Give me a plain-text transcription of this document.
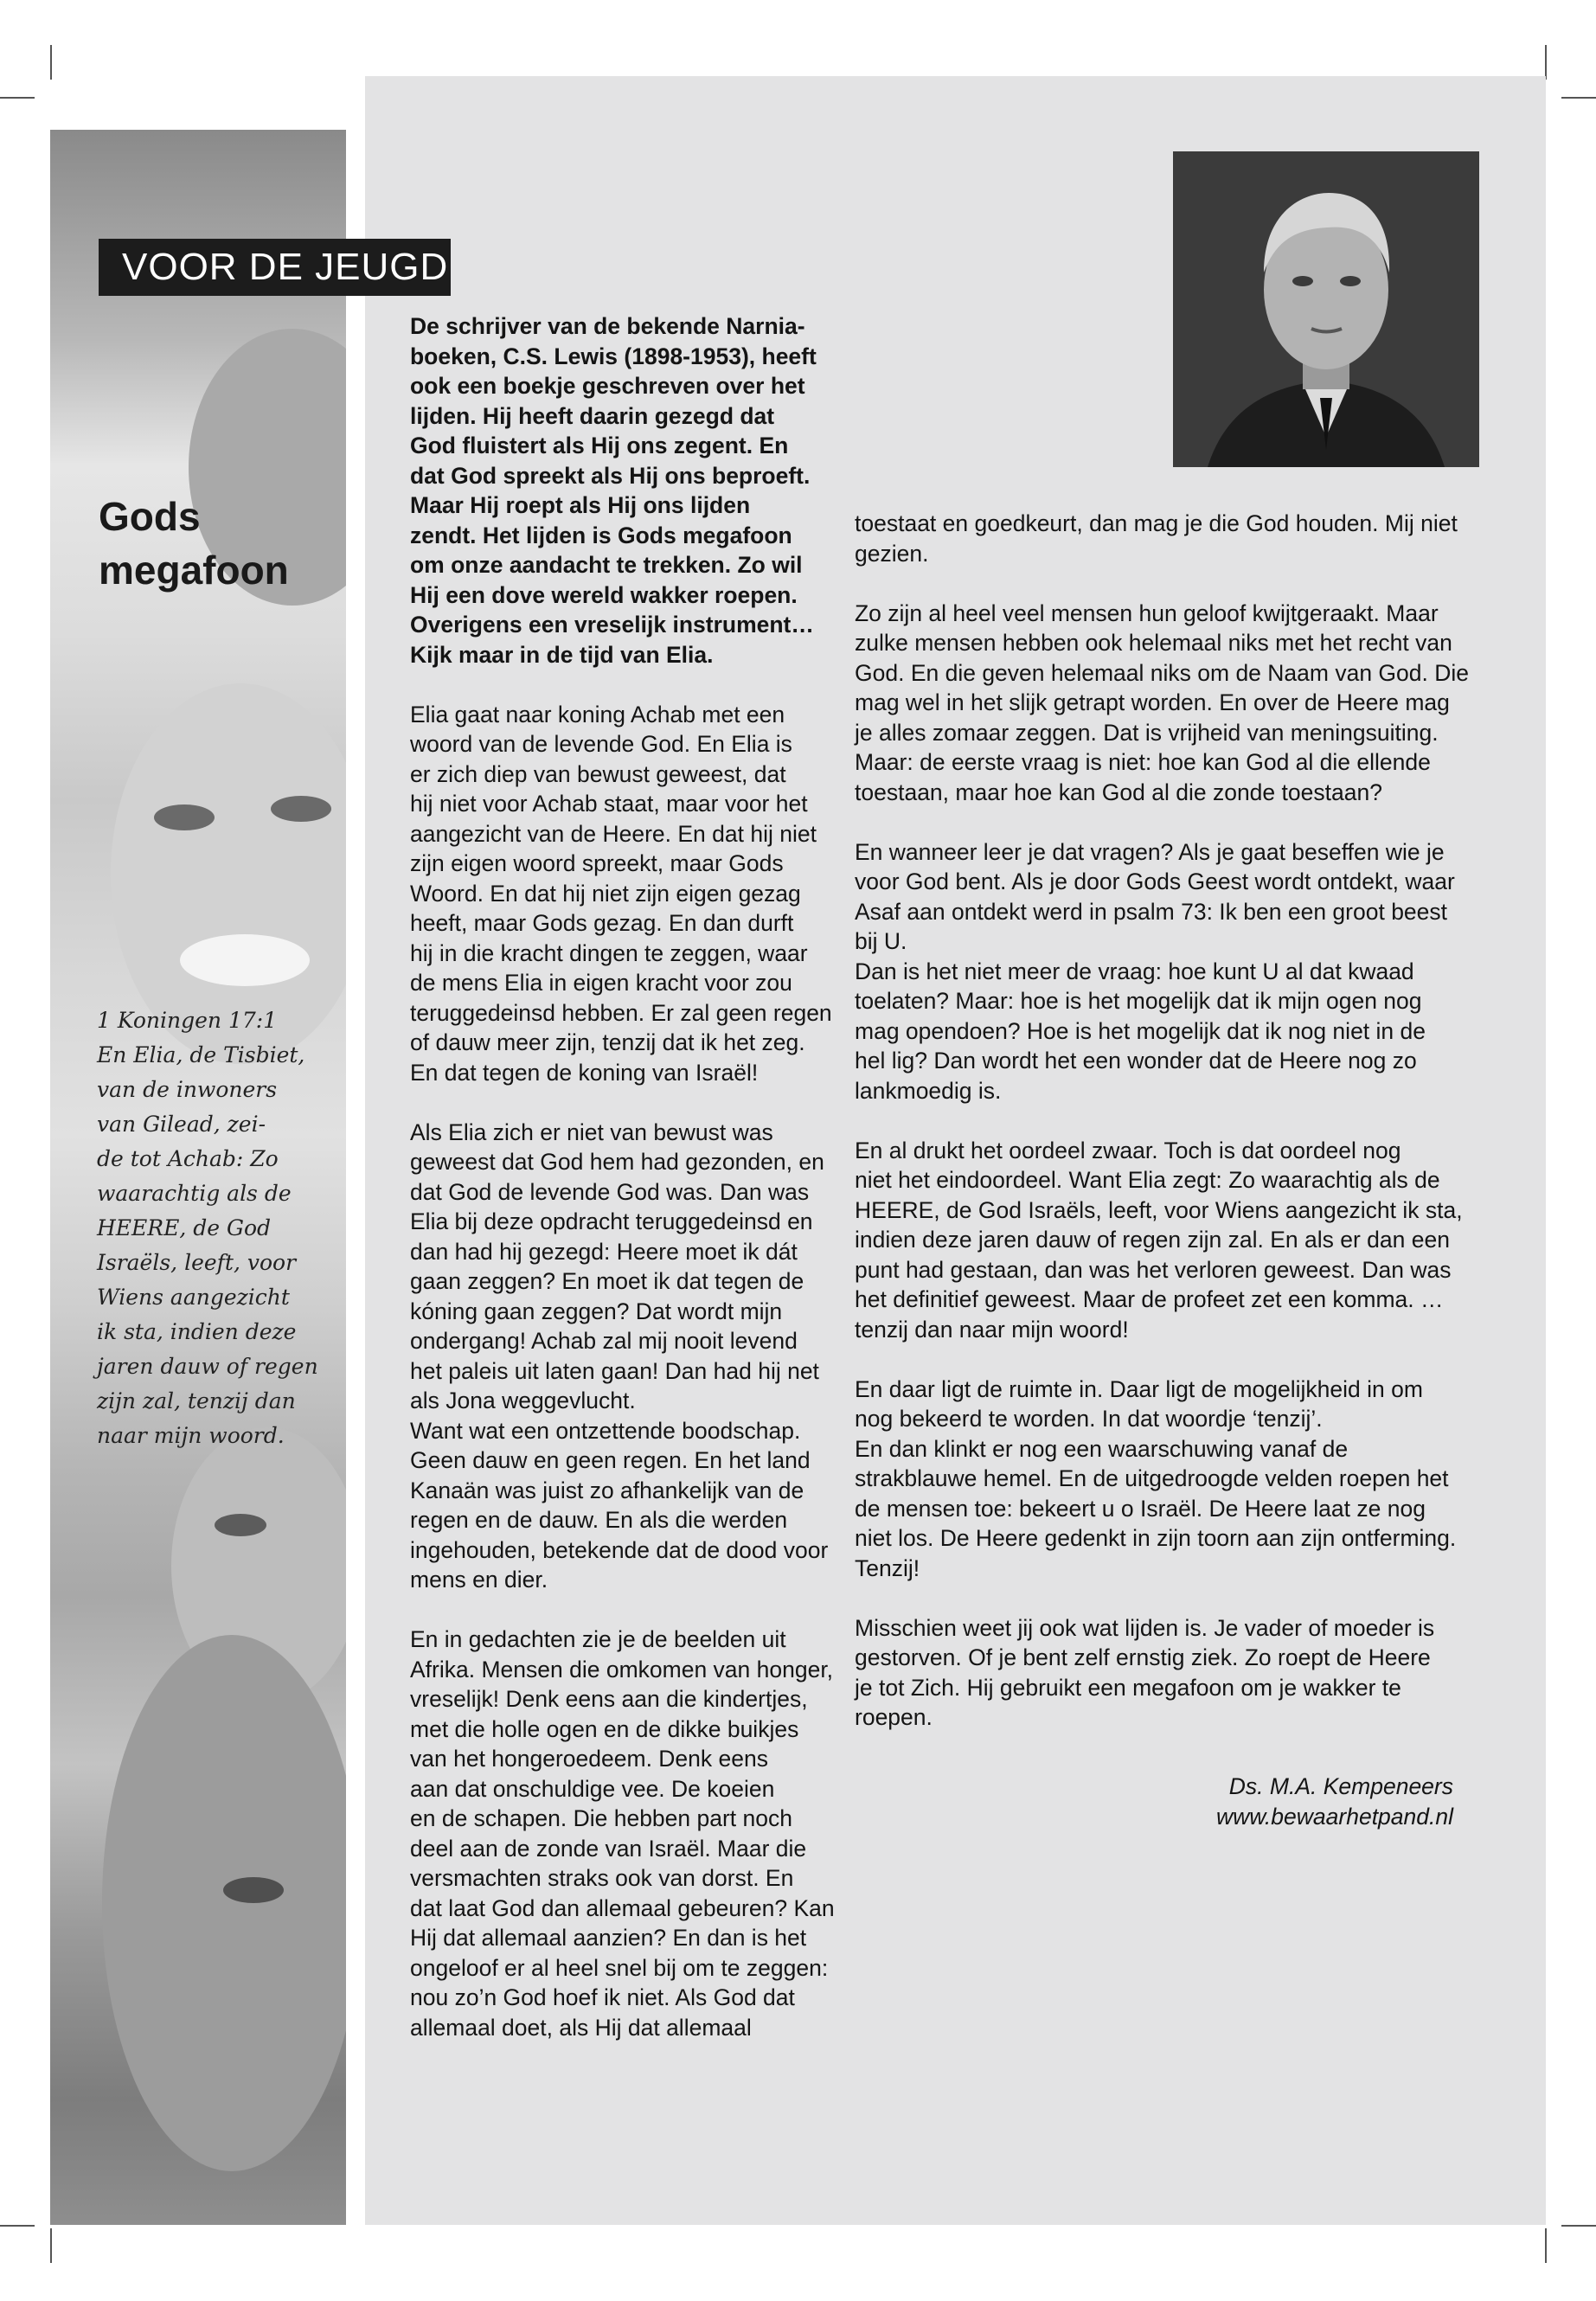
VOOR DE JEUGD
Gods
megafoon

1 Koningen 17:1

En Elia, de Tisbiet,

van de inwoners

van Gilead, zei-

de tot Achab: Zo

waarachtig als de

HEERE, de God

Israëls, leeft, voor

Wiens aangezicht

ik sta, indien deze

jaren dauw of regen

zijn zal, tenzij dan

naar mijn woord.

De schrijver van de bekende Narnia-

boeken, C.S. Lewis (1898-1953), heeft

ook een boekje geschreven over het

lijden. Hij heeft daarin gezegd dat

God fluistert als Hij ons zegent. En

dat God spreekt als Hij ons beproeft.

Maar Hij roept als Hij ons lijden

zendt. Het lijden is Gods megafoon

om onze aandacht te trekken. Zo wil

Hij een dove wereld wakker roepen.

Overigens een vreselijk instrument…

Kijk maar in de tijd van Elia.

Elia gaat naar koning Achab met een

woord van de levende God. En Elia is

er zich diep van bewust geweest, dat

hij niet voor Achab staat, maar voor het

aangezicht van de Heere. En dat hij niet

zijn eigen woord spreekt, maar Gods

Woord. En dat hij niet zijn eigen gezag

heeft, maar Gods gezag. En dan durft

hij in die kracht dingen te zeggen, waar

de mens Elia in eigen kracht voor zou

teruggedeinsd hebben. Er zal geen regen

of dauw meer zijn, tenzij dat ik het zeg.

En dat tegen de koning van Israël!

Als Elia zich er niet van bewust was

geweest dat God hem had gezonden, en

dat God de levende God was. Dan was

Elia bij deze opdracht teruggedeinsd en

dan had hij gezegd: Heere moet ik dát

gaan zeggen? En moet ik dat tegen de

kóning gaan zeggen? Dat wordt mijn

ondergang! Achab zal mij nooit levend

het paleis uit laten gaan! Dan had hij net

als Jona weggevlucht.

Want wat een ontzettende boodschap.

Geen dauw en geen regen. En het land

Kanaän was juist zo afhankelijk van de

regen en de dauw. En als die werden

ingehouden, betekende dat de dood voor

mens en dier.

En in gedachten zie je de beelden uit

Afrika. Mensen die omkomen van honger,

vreselijk! Denk eens aan die kindertjes,

met die holle ogen en de dikke buikjes

van het hongeroedeem. Denk eens

aan dat onschuldige vee. De koeien

en de schapen. Die hebben part noch

deel aan de zonde van Israël. Maar die

versmachten straks ook van dorst. En

dat laat God dan allemaal gebeuren? Kan

Hij dat allemaal aanzien? En dan is het

ongeloof er al heel snel bij om te zeggen:

nou zo’n God hoef ik niet. Als God dat

allemaal doet, als Hij dat allemaal

toestaat en goedkeurt, dan mag je die God houden. Mij niet

gezien.

Zo zijn al heel veel mensen hun geloof kwijtgeraakt. Maar

zulke mensen hebben ook helemaal niks met het recht van

God. En die geven helemaal niks om de Naam van God. Die

mag wel in het slijk getrapt worden. En over de Heere mag

je alles zomaar zeggen. Dat is vrijheid van meningsuiting.

Maar: de eerste vraag is niet: hoe kan God al die ellende

toestaan, maar hoe kan God al die zonde toestaan?

En wanneer leer je dat vragen? Als je gaat beseffen wie je

voor God bent. Als je door Gods Geest wordt ontdekt, waar

Asaf aan ontdekt werd in psalm 73: Ik ben een groot beest

bij U.

Dan is het niet meer de vraag: hoe kunt U al dat kwaad

toelaten? Maar: hoe is het mogelijk dat ik mijn ogen nog

mag opendoen? Hoe is het mogelijk dat ik nog niet in de

hel lig? Dan wordt het een wonder dat de Heere nog zo

lankmoedig is.

En al drukt het oordeel zwaar. Toch is dat oordeel nog

niet het eindoordeel. Want Elia zegt: Zo waarachtig als de

HEERE, de God Israëls, leeft, voor Wiens aangezicht ik sta,

indien deze jaren dauw of regen zijn zal. En als er dan een

punt had gestaan, dan was het verloren geweest. Dan was

het definitief geweest. Maar de profeet zet een komma. …

tenzij dan naar mijn woord!

En daar ligt de ruimte in. Daar ligt de mogelijkheid in om

nog bekeerd te worden. In dat woordje ‘tenzij’.

En dan klinkt er nog een waarschuwing vanaf de

strakblauwe hemel. En de uitgedroogde velden roepen het

de mensen toe: bekeert u o Israël. De Heere laat ze nog

niet los. De Heere gedenkt in zijn toorn aan zijn ontferming.

Tenzij!

Misschien weet jij ook wat lijden is. Je vader of moeder is

gestorven. Of je bent zelf ernstig ziek. Zo roept de Heere

je tot Zich. Hij gebruikt een megafoon om je wakker te

roepen.

Ds. M.A. Kempeneers

www.bewaarhetpand.nl
